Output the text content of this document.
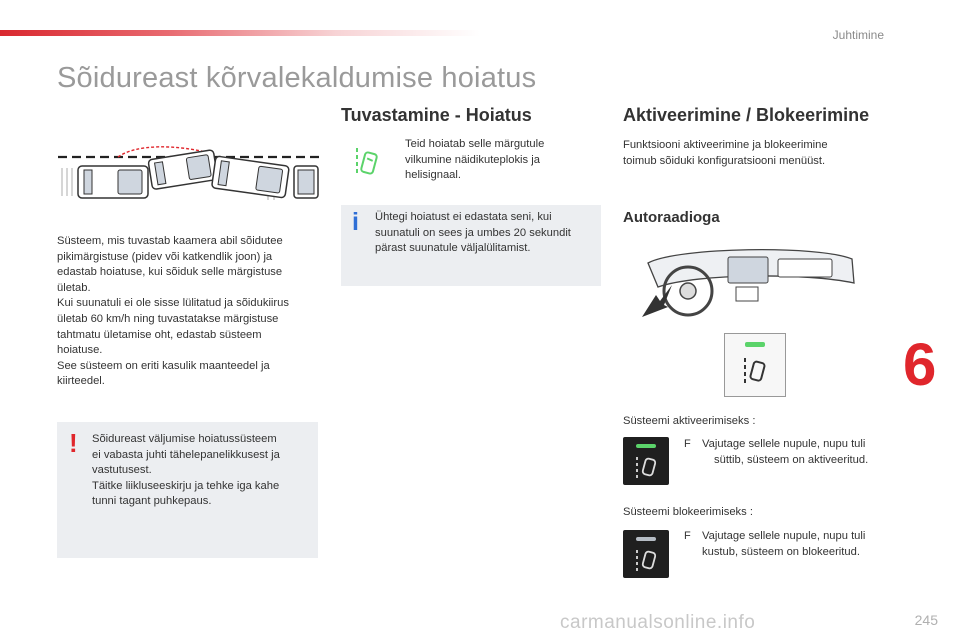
Juhtimine
Sõidureast kõrvalekaldumise hoiatus
Süsteem, mis tuvastab kaamera abil sõidutee
pikimärgistuse (pidev või katkendlik joon) ja
edastab hoiatuse, kui sõiduk selle märgistuse
ületab.
Kui suunatuli ei ole sisse lülitatud ja sõidukiirus
ületab 60 km/h ning tuvastatakse märgistuse
tahtmatu ületamise oht, edastab süsteem
hoiatuse.
See süsteem on eriti kasulik maanteedel ja
kiirteedel.
! Sõidureast väljumise hoiatussüsteem
ei vabasta juhti tähelepanelikkusest ja
vastutusest.
Täitke liikluseeskirju ja tehke iga kahe
tunni tagant puhkepaus.
Tuvastamine - Hoiatus
Teid hoiatab selle märgutule
vilkumine näidikuteplokis ja
helisignaal.
i Ühtegi hoiatust ei edastata seni, kui
suunatuli on sees ja umbes 20 sekundit
pärast suunatule väljalülitamist.
Aktiveerimine / Blokeerimine
Funktsiooni aktiveerimine ja blokeerimine
toimub sõiduki konfiguratsiooni menüüst.
Autoraadioga
Süsteemi aktiveerimiseks :
F Vajutage sellele nupule, nupu tuli
süttib, süsteem on aktiveeritud.
Süsteemi blokeerimiseks :
F Vajutage sellele nupule, nupu tuli
kustub, süsteem on blokeeritud.
6
carmanualsonline.info	245
